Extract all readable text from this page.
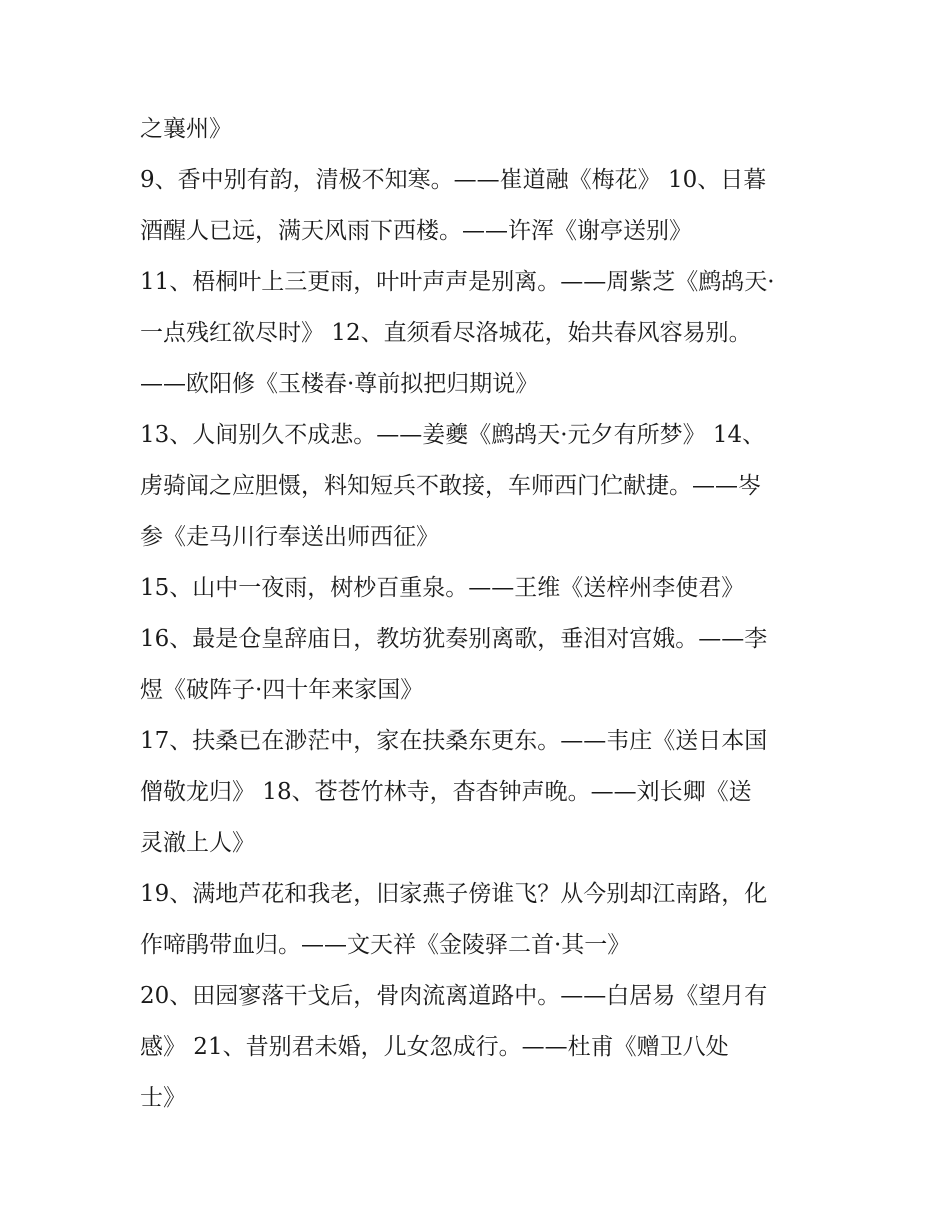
之襄州》
9、香中别有韵，清极不知寒。——崔道融《梅花》 10、日暮
酒醒人已远，满天风雨下西楼。——许浑《谢亭送别》
11、梧桐叶上三更雨，叶叶声声是别离。——周紫芝《鹧鸪天·
一点残红欲尽时》 12、直须看尽洛城花，始共春风容易别。
——欧阳修《玉楼春·尊前拟把归期说》
13、人间别久不成悲。——姜夔《鹧鸪天·元夕有所梦》 14、
虏骑闻之应胆慑，料知短兵不敢接，车师西门伫献捷。——岑
参《走马川行奉送出师西征》
15、山中一夜雨，树杪百重泉。——王维《送梓州李使君》
16、最是仓皇辞庙日，教坊犹奏别离歌，垂泪对宫娥。——李
煜《破阵子·四十年来家国》
17、扶桑已在渺茫中，家在扶桑东更东。——韦庄《送日本国
僧敬龙归》 18、苍苍竹林寺，杳杳钟声晚。——刘长卿《送
灵澈上人》
19、满地芦花和我老，旧家燕子傍谁飞？从今别却江南路，化
作啼鹃带血归。——文天祥《金陵驿二首·其一》
20、田园寥落干戈后，骨肉流离道路中。——白居易《望月有
感》 21、昔别君未婚，儿女忽成行。——杜甫《赠卫八处
士》
